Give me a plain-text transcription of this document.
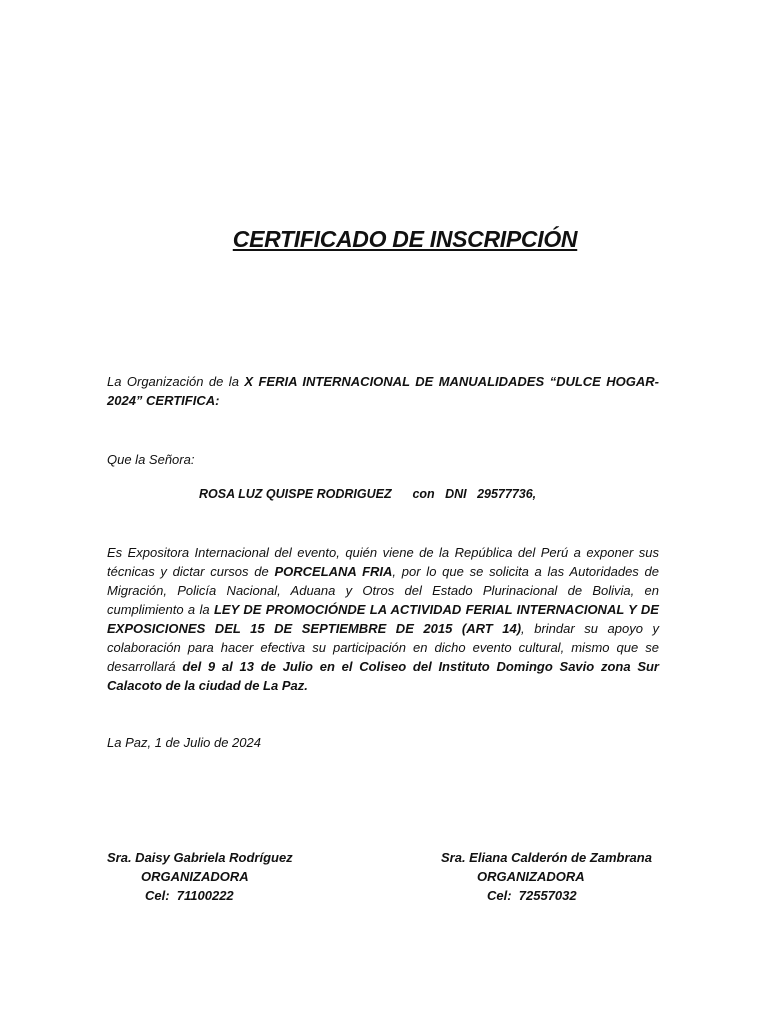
CERTIFICADO DE INSCRIPCIÓN

La Organización de la X FERIA INTERNACIONAL DE MANUALIDADES “DULCE HOGAR-2024” CERTIFICA:

Que la Señora:

ROSA LUZ QUISPE RODRIGUEZ con DNI 29577736,

Es Expositora Internacional del evento, quién viene de la República del Perú a exponer sus técnicas y dictar cursos de PORCELANA FRIA, por lo que se solicita a las Autoridades de Migración, Policía Nacional, Aduana y Otros del Estado Plurinacional de Bolivia, en cumplimiento a la LEY DE PROMOCIÓNDE LA ACTIVIDAD FERIAL INTERNACIONAL Y DE EXPOSICIONES DEL 15 DE SEPTIEMBRE DE 2015 (ART 14), brindar su apoyo y colaboración para hacer efectiva su participación en dicho evento cultural, mismo que se desarrollará del 9 al 13 de Julio en el Coliseo del Instituto Domingo Savio zona Sur Calacoto de la ciudad de La Paz.

La Paz, 1 de Julio de 2024

Sra. Daisy Gabriela Rodríguez
ORGANIZADORA
Cel:  71100222
Sra. Eliana Calderón de Zambrana
ORGANIZADORA
Cel:  72557032
